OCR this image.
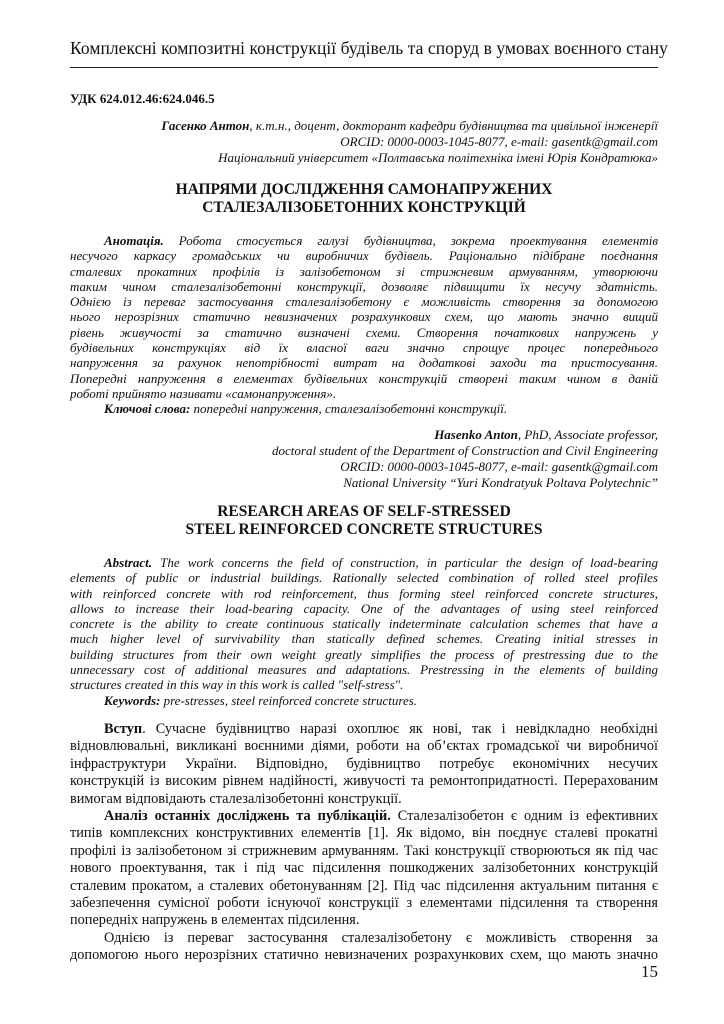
Комплексні композитні конструкції будівель та споруд в умовах воєнного стану
УДК 624.012.46:624.046.5
Гасенко Антон, к.т.н., доцент, докторант кафедри будівництва та цивільної інженерії
ORCID: 0000-0003-1045-8077, e-mail: gasentk@gmail.com
Національний університет «Полтавська політехніка імені Юрія Кондратюка»
НАПРЯМИ ДОСЛІДЖЕННЯ САМОНАПРУЖЕНИХ
СТАЛЕЗАЛІЗОБЕТОННИХ КОНСТРУКЦІЙ
Анотація. Робота стосується галузі будівництва, зокрема проектування елементів
несучого каркасу громадських чи виробничих будівель. Раціонально підібране поєднання
сталевих прокатних профілів із залізобетоном зі стрижневим армуванням, утворюючи
таким чином сталезалізобетонні конструкції, дозволяє підвищити їх несучу здатність.
Однією із переваг застосування сталезалізобетону є можливість створення за допомогою
нього нерозрізних статично невизначених розрахункових схем, що мають значно вищий
рівень живучості за статично визначені схеми. Створення початкових напружень у
будівельних конструкціях від їх власної ваги значно спрощує процес попереднього
напруження за рахунок непотрібності витрат на додаткові заходи та пристосування.
Попередні напруження в елементах будівельних конструкцій створені таким чином в даній
роботі прийнято називати «самонапруження».
Ключові слова: попередні напруження, сталезалізобетонні конструкції.
Hasenko Anton, PhD, Associate professor,
doctoral student of the Department of Construction and Civil Engineering
ORCID: 0000-0003-1045-8077, e-mail: gasentk@gmail.com
National University “Yuri Kondratyuk Poltava Polytechnic”
RESEARCH AREAS OF SELF-STRESSED
STEEL REINFORCED CONCRETE STRUCTURES
Abstract. The work concerns the field of construction, in particular the design of load-bearing
elements of public or industrial buildings. Rationally selected combination of rolled steel profiles
with reinforced concrete with rod reinforcement, thus forming steel reinforced concrete structures,
allows to increase their load-bearing capacity. One of the advantages of using steel reinforced
concrete is the ability to create continuous statically indeterminate calculation schemes that have a
much higher level of survivability than statically defined schemes. Creating initial stresses in
building structures from their own weight greatly simplifies the process of prestressing due to the
unnecessary cost of additional measures and adaptations. Prestressing in the elements of building
structures created in this way in this work is called "self-stress".
Keywords: pre-stresses, steel reinforced concrete structures.
Вступ. Сучасне будівництво наразі охоплює як нові, так і невідкладно необхідні
відновлювальні, викликані воєнними діями, роботи на об’єктах громадської чи виробничої
інфраструктури України. Відповідно, будівництво потребує економічних несучих
конструкцій із високим рівнем надійності, живучості та ремонтопридатності. Перерахованим
вимогам відповідають сталезалізобетонні конструкції.
Аналіз останніх досліджень та публікацій. Сталезалізобетон є одним із ефективних
типів комплексних конструктивних елементів [1]. Як відомо, він поєднує сталеві прокатні
профілі із залізобетоном зі стрижневим армуванням. Такі конструкції створюються як під час
нового проектування, так і під час підсилення пошкоджених залізобетонних конструкцій
сталевим прокатом, а сталевих обетонуванням [2]. Під час підсилення актуальним питання є
забезпечення сумісної роботи існуючої конструкції з елементами підсилення та створення
попередніх напружень в елементах підсилення.
Однією із переваг застосування сталезалізобетону є можливість створення за
допомогою нього нерозрізних статично невизначених розрахункових схем, що мають значно
15
